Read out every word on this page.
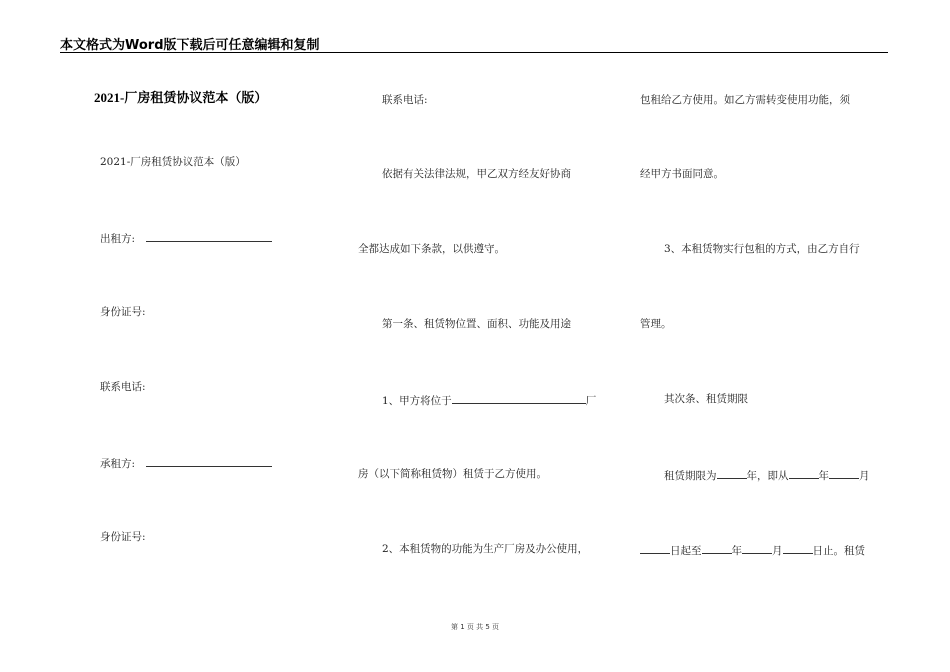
本文格式为Word版下载后可任意编辑和复制
2021-厂房租赁协议范本（版）
2021-厂房租赁协议范本（版）
出租方:
身份证号:
联系电话:
承租方:
身份证号:
联系电话:
依据有关法律法规，甲乙双方经友好协商
全都达成如下条款，以供遵守。
第一条、租赁物位置、面积、功能及用途
1、甲方将位于	厂
房（以下简称租赁物）租赁于乙方使用。
2、本租赁物的功能为生产厂房及办公使用，
包租给乙方使用。如乙方需转变使用功能，须
经甲方书面同意。
3、本租赁物实行包租的方式，由乙方自行
管理。
其次条、租赁期限
租赁期限为	年，即从	年	月
日起至	年	月	日止。租赁
第 1 页 共 5 页
